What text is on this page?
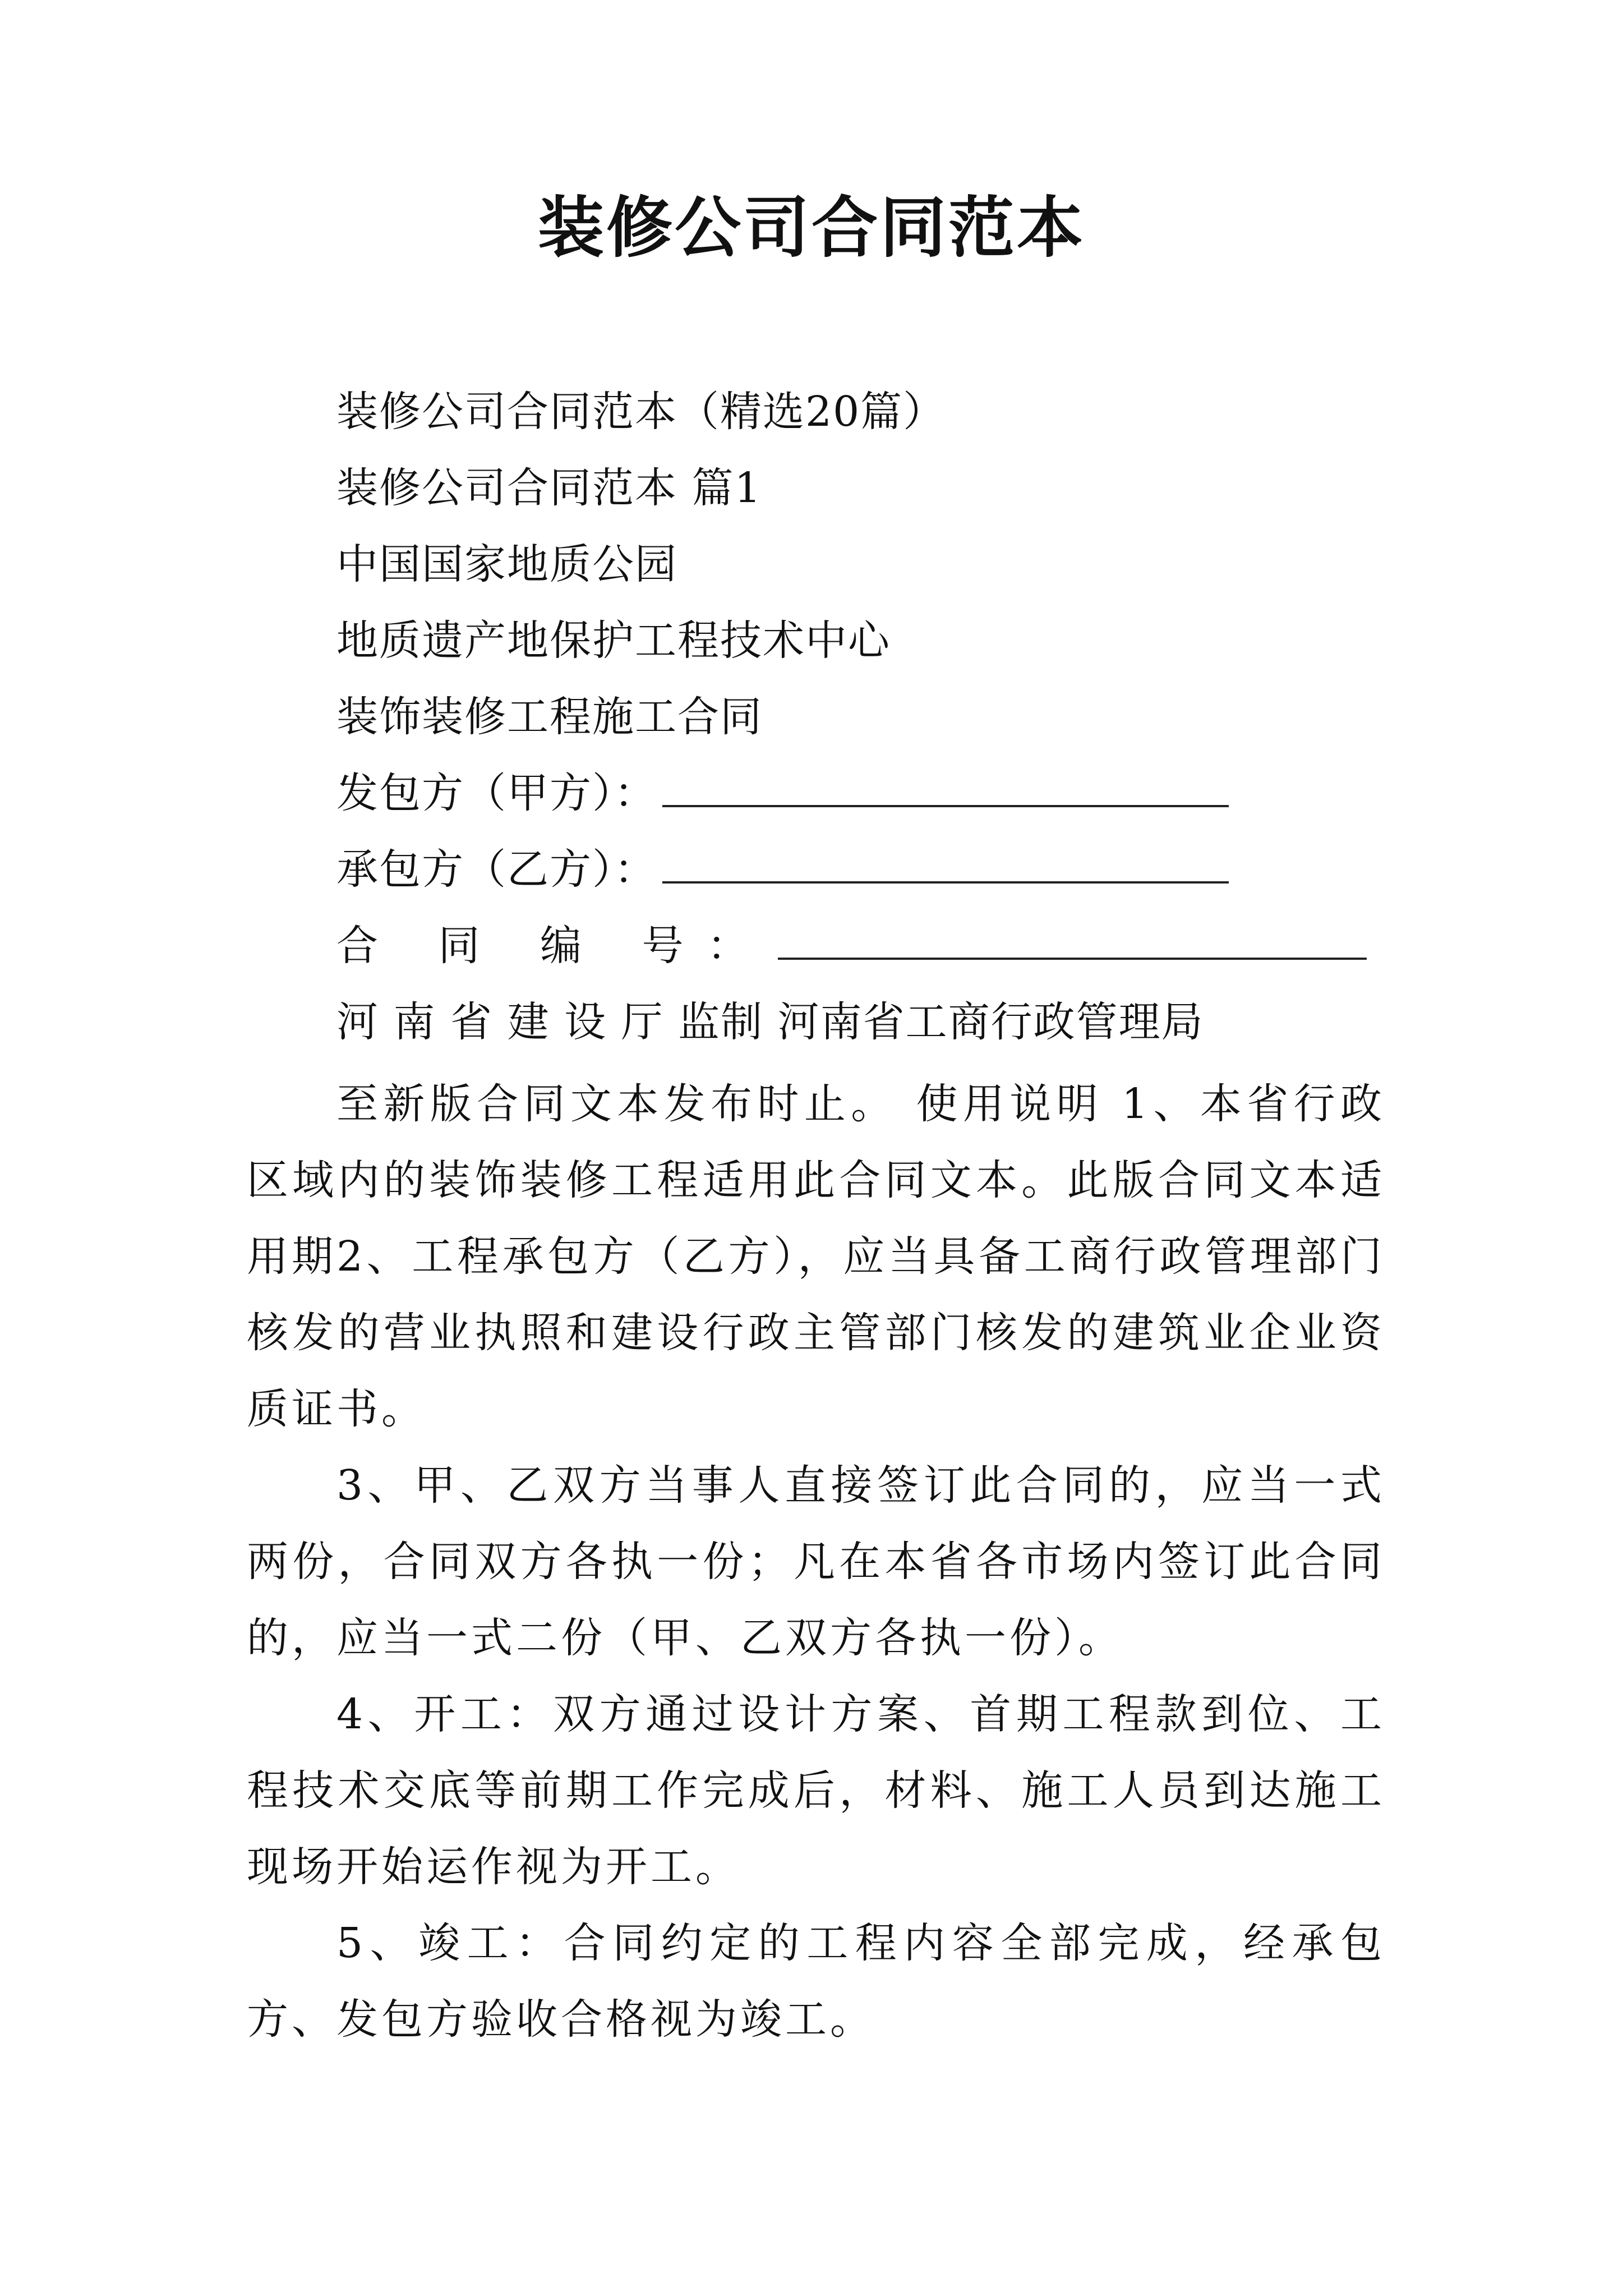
装修公司合同范本
装修公司合同范本（精选20篇）
装修公司合同范本 篇1
中国国家地质公园
地质遗产地保护工程技术中心
装饰装修工程施工合同
发包方（甲方）：
承包方（乙方）：
合 同 编 号：
河 南 省 建 设 厅 监制 河南省工商行政管理局

至新版合同文本发布时止。 使用说明 1、本省行政区域内的装饰装修工程适用此合同文本。此版合同文本适用期 2、工程承包方（乙方），应当具备工商行政管理部门核发的营业执照和建设行政主管部门核发的建筑业企业资质证书。

3、甲、乙双方当事人直接签订此合同的，应当一式两份，合同双方各执一份；凡在本省各市场内签订此合同的，应当一式二份（甲、乙双方各执一份）。

4、开工：双方通过设计方案、首期工程款到位、工程技术交底等前期工作完成后，材料、施工人员到达施工现场开始运作视为开工。

5、竣工：合同约定的工程内容全部完成，经承包方、发包方验收合格视为竣工。
